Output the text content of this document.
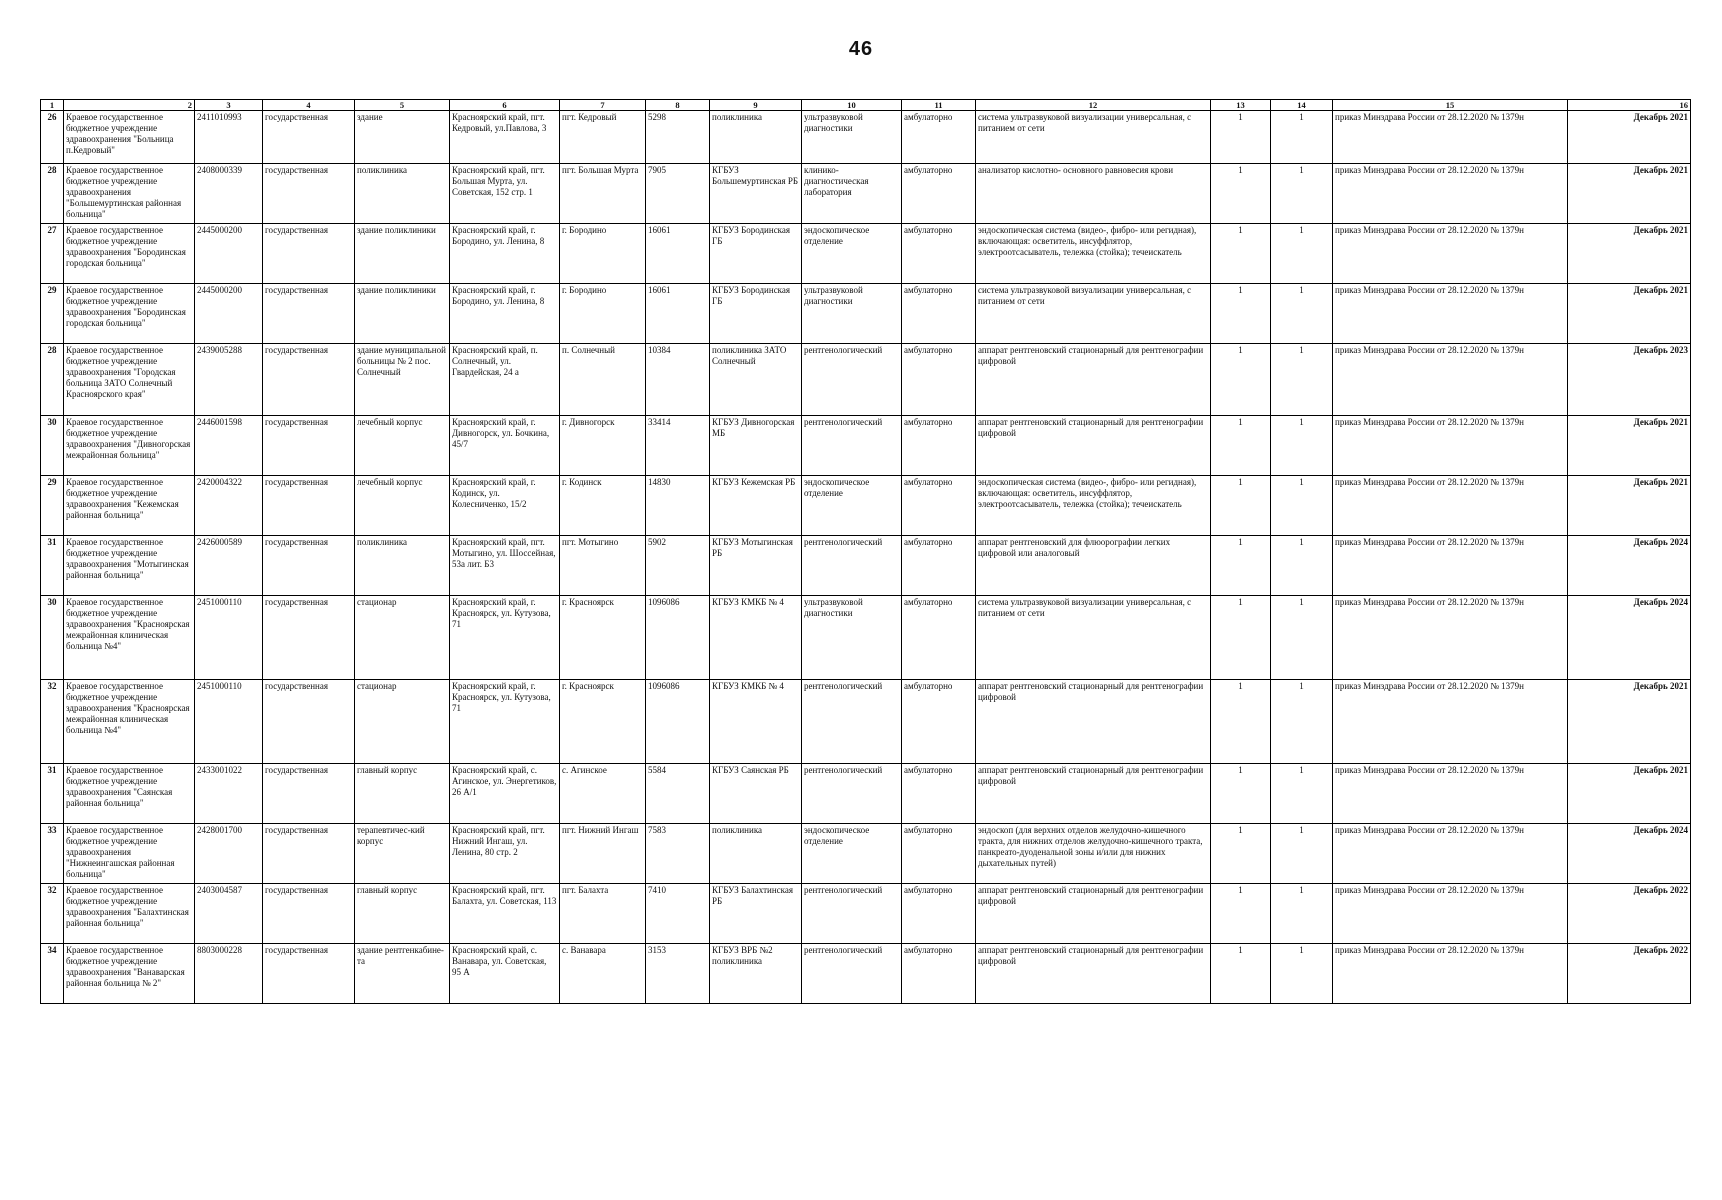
46
1	2	3	4	5	6	7	8	9	10	11	12	13	14	15	16
26	Краевое государственное бюджетное учреждение здравоохранения "Больница п.Кедровый"	2411010993	государственная	здание	Красноярский край, пгт. Кедровый, ул.Павлова, 3	пгт. Кедровый	5298	поликлиника	ультразвуковой диагностики	амбулаторно	система ультразвуковой визуализации универсальная, с питанием от сети	1	1	приказ Минздрава России от 28.12.2020 № 1379н	Декабрь 2021
28	Краевое государственное бюджетное учреждение здравоохранения "Большемуртинская районная больница"	2408000339	государственная	поликлиника	Красноярский край, пгт. Большая Мурта, ул. Советская, 152 стр. 1	пгт. Большая Мурта	7905	КГБУЗ Большемуртинская РБ	клинико-диагностическая лаборатория	амбулаторно	анализатор кислотно- основного равновесия крови	1	1	приказ Минздрава России от 28.12.2020 № 1379н	Декабрь 2021
27	Краевое государственное бюджетное учреждение здравоохранения "Бородинская городская больница"	2445000200	государственная	здание поликлиники	Красноярский край, г. Бородино, ул. Ленина, 8	г. Бородино	16061	КГБУЗ Бородинская ГБ	эндоскопическое отделение	амбулаторно	эндоскопическая система (видео-, фибро- или регидная), включающая: осветитель, инсуффлятор, электроотсасыватель, тележка (стойка); течеискатель	1	1	приказ Минздрава России от 28.12.2020 № 1379н	Декабрь 2021
29	Краевое государственное бюджетное учреждение здравоохранения "Бородинская городская больница"	2445000200	государственная	здание поликлиники	Красноярский край, г. Бородино, ул. Ленина, 8	г. Бородино	16061	КГБУЗ Бородинская ГБ	ультразвуковой диагностики	амбулаторно	система ультразвуковой визуализации универсальная, с питанием от сети	1	1	приказ Минздрава России от 28.12.2020 № 1379н	Декабрь 2021
28	Краевое государственное бюджетное учреждение здравоохранения "Городская больница ЗАТО Солнечный Красноярского края"	2439005288	государственная	здание муниципальной больницы № 2 пос. Солнечный	Красноярский край, п. Солнечный, ул. Гвардейская, 24 а	п. Солнечный	10384	поликлиника ЗАТО Солнечный	рентгенологический	амбулаторно	аппарат рентгеновский стационарный для рентгенографии цифровой	1	1	приказ Минздрава России от 28.12.2020 № 1379н	Декабрь 2023
30	Краевое государственное бюджетное учреждение здравоохранения "Дивногорская межрайонная больница"	2446001598	государственная	лечебный корпус	Красноярский край, г. Дивногорск, ул. Бочкина, 45/7	г. Дивногорск	33414	КГБУЗ Дивногорская МБ	рентгенологический	амбулаторно	аппарат рентгеновский стационарный для рентгенографии цифровой	1	1	приказ Минздрава России от 28.12.2020 № 1379н	Декабрь 2021
29	Краевое государственное бюджетное учреждение здравоохранения "Кежемская районная больница"	2420004322	государственная	лечебный корпус	Красноярский край, г. Кодинск, ул. Колесниченко, 15/2	г. Кодинск	14830	КГБУЗ Кежемская РБ	эндоскопическое отделение	амбулаторно	эндоскопическая система (видео-, фибро- или регидная), включающая: осветитель, инсуффлятор, электроотсасыватель, тележка (стойка); течеискатель	1	1	приказ Минздрава России от 28.12.2020 № 1379н	Декабрь 2021
31	Краевое государственное бюджетное учреждение здравоохранения "Мотыгинская районная больница"	2426000589	государственная	поликлиника	Красноярский край, пгт. Мотыгино, ул. Шоссейная, 53а лит. Б3	пгт. Мотыгино	5902	КГБУЗ Мотыгинская РБ	рентгенологический	амбулаторно	аппарат рентгеновский для флюорографии легких цифровой или аналоговый	1	1	приказ Минздрава России от 28.12.2020 № 1379н	Декабрь 2024
30	Краевое государственное бюджетное учреждение здравоохранения "Красноярская межрайонная клиническая больница №4"	2451000110	государственная	стационар	Красноярский край, г. Красноярск, ул. Кутузова, 71	г. Красноярск	1096086	КГБУЗ КМКБ № 4	ультразвуковой диагностики	амбулаторно	система ультразвуковой визуализации универсальная, с питанием от сети	1	1	приказ Минздрава России от 28.12.2020 № 1379н	Декабрь 2024
32	Краевое государственное бюджетное учреждение здравоохранения "Красноярская межрайонная клиническая больница №4"	2451000110	государственная	стационар	Красноярский край, г. Красноярск, ул. Кутузова, 71	г. Красноярск	1096086	КГБУЗ КМКБ № 4	рентгенологический	амбулаторно	аппарат рентгеновский стационарный для рентгенографии цифровой	1	1	приказ Минздрава России от 28.12.2020 № 1379н	Декабрь 2021
31	Краевое государственное бюджетное учреждение здравоохранения "Саянская районная больница"	2433001022	государственная	главный корпус	Красноярский край, с. Агинское, ул. Энергетиков, 26 А/1	с. Агинское	5584	КГБУЗ Саянская РБ	рентгенологический	амбулаторно	аппарат рентгеновский стационарный для рентгенографии цифровой	1	1	приказ Минздрава России от 28.12.2020 № 1379н	Декабрь 2021
33	Краевое государственное бюджетное учреждение здравоохранения "Нижнеингашская районная больница"	2428001700	государственная	терапевтичес-кий корпус	Красноярский край, пгт. Нижний Ингаш, ул. Ленина, 80 стр. 2	пгт. Нижний Ингаш	7583	поликлиника	эндоскопическое отделение	амбулаторно	эндоскоп (для верхних отделов желудочно-кишечного тракта, для нижних отделов желудочно-кишечного тракта, панкреато-дуоденальной зоны и/или для нижних дыхательных путей)	1	1	приказ Минздрава России от 28.12.2020 № 1379н	Декабрь 2024
32	Краевое государственное бюджетное учреждение здравоохранения "Балахтинская районная больница"	2403004587	государственная	главный корпус	Красноярский край, пгт. Балахта, ул. Советская, 113	пгт. Балахта	7410	КГБУЗ Балахтинская РБ	рентгенологический	амбулаторно	аппарат рентгеновский стационарный для рентгенографии цифровой	1	1	приказ Минздрава России от 28.12.2020 № 1379н	Декабрь 2022
34	Краевое государственное бюджетное учреждение здравоохранения "Ванаварская районная больница № 2"	8803000228	государственная	здание рентгенкабине-та	Красноярский край, с. Ванавара, ул. Советская, 95 А	с. Ванавара	3153	КГБУЗ ВРБ №2 поликлиника	рентгенологический	амбулаторно	аппарат рентгеновский стационарный для рентгенографии цифровой	1	1	приказ Минздрава России от 28.12.2020 № 1379н	Декабрь 2022
